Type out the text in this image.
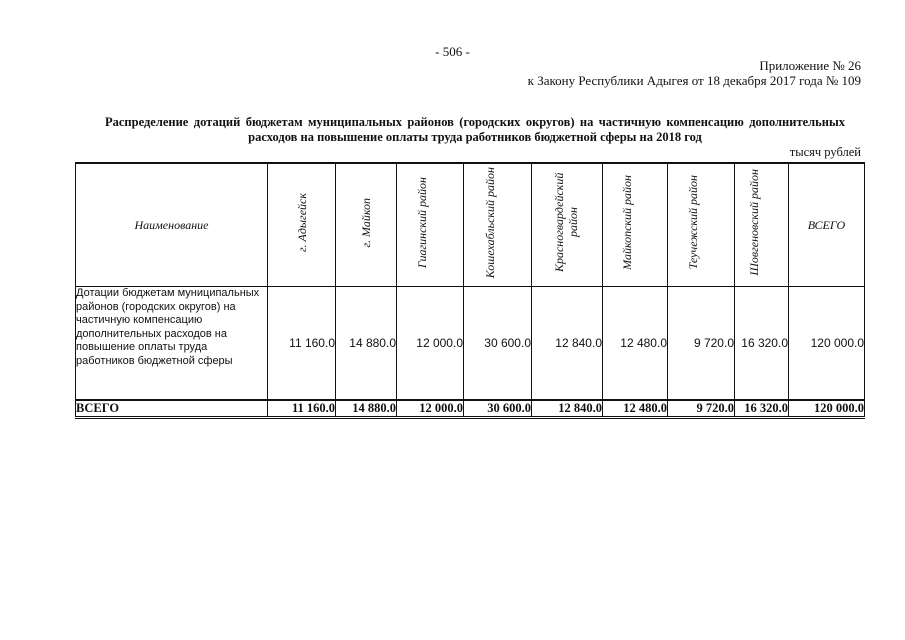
- 506 -
Приложение № 26
к Закону Республики Адыгея от 18 декабря 2017 года № 109
Распределение дотаций бюджетам муниципальных районов (городских округов) на частичную компенсацию дополнительных расходов на повышение оплаты труда работников бюджетной сферы на 2018 год
тысяч рублей
Наименование	г. Адыгейск	г. Майкоп	Гиагинский район	Кошехабльский район	Красногвардейский район	Майкопский район	Теучежский район	Шовгеновский район	ВСЕГО
Дотации бюджетам муниципальных районов (городских округов) на частичную компенсацию дополнительных расходов на повышение оплаты труда работников бюджетной сферы	11 160.0	14 880.0	12 000.0	30 600.0	12 840.0	12 480.0	9 720.0	16 320.0	120 000.0
ВСЕГО	11 160.0	14 880.0	12 000.0	30 600.0	12 840.0	12 480.0	9 720.0	16 320.0	120 000.0
